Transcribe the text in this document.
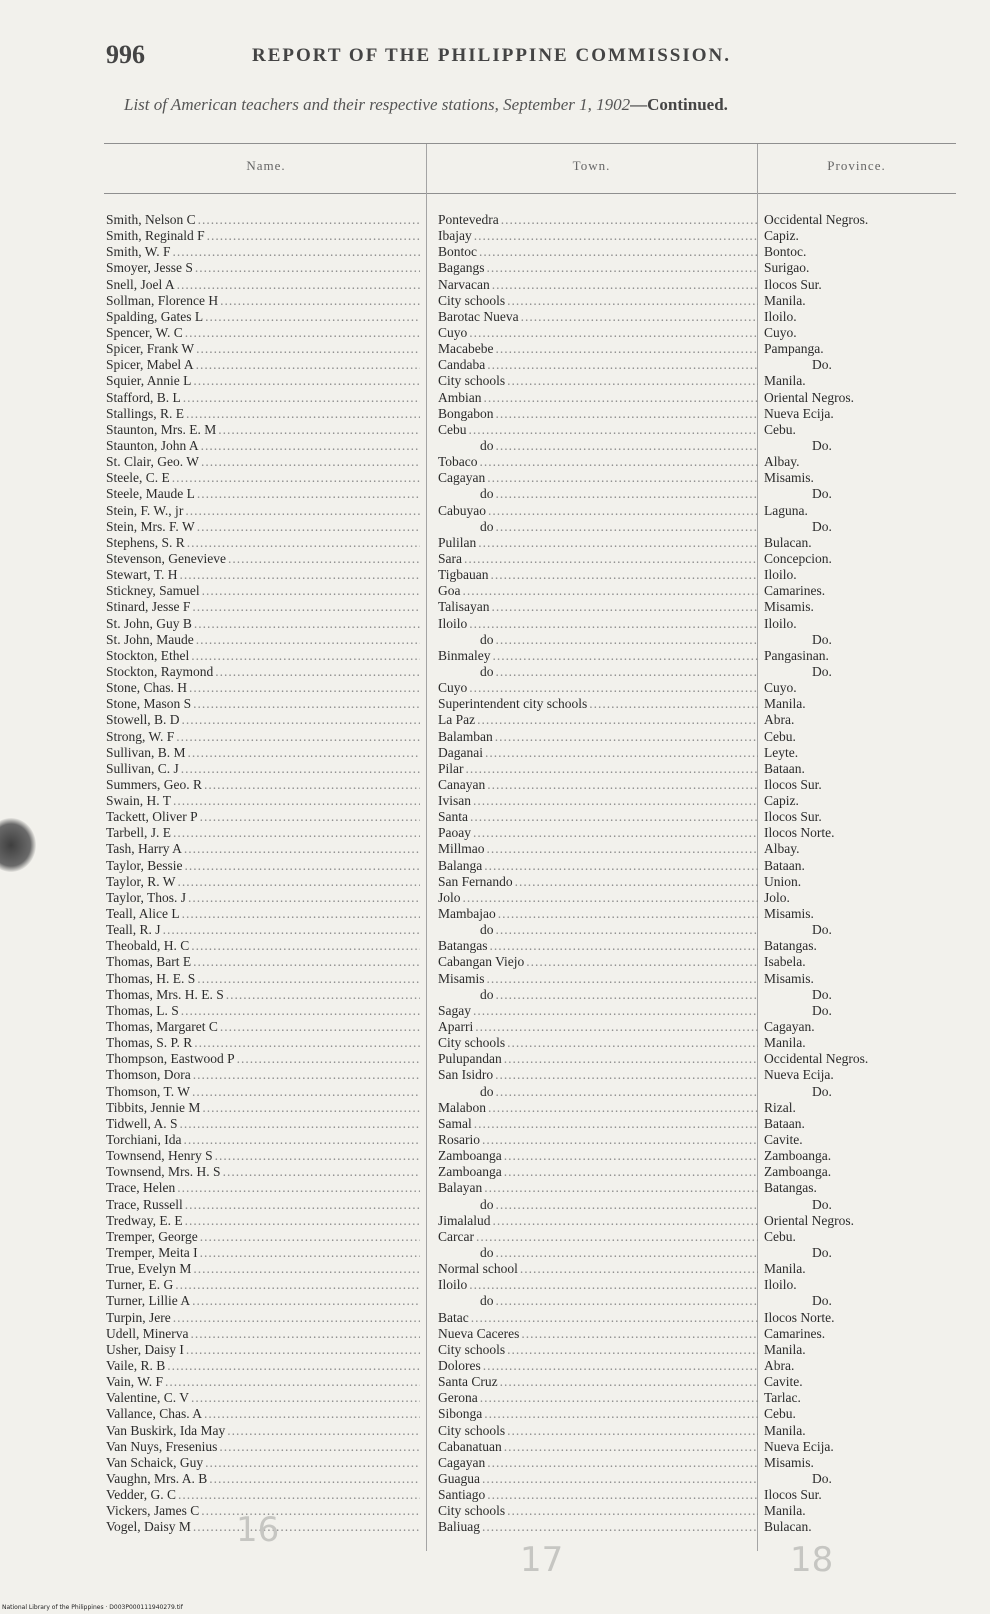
996	REPORT OF THE PHILIPPINE COMMISSION.
List of American teachers and their respective stations, September 1, 1902—Continued.
Name.	Town.	Province.
Smith, Nelson C .....	Pontevedra .....	Occidental Negros.
Smith, Reginald F .....	Ibajay .....	Capiz.
Smith, W. F .....	Bontoc .....	Bontoc.
Smoyer, Jesse S .....	Bagangs .....	Surigao.
Snell, Joel A .....	Narvacan .....	Ilocos Sur.
Sollman, Florence H .....	City schools .....	Manila.
Spalding, Gates L .....	Barotac Nueva .....	Iloilo.
Spencer, W. C .....	Cuyo .....	Cuyo.
Spicer, Frank W .....	Macabebe .....	Pampanga.
Spicer, Mabel A .....	Candaba .....	Do.
Squier, Annie L .....	City schools .....	Manila.
Stafford, B. L .....	Ambian .....	Oriental Negros.
Stallings, R. E .....	Bongabon .....	Nueva Ecija.
Staunton, Mrs. E. M .....	Cebu .....	Cebu.
Staunton, John A .....	do .....	Do.
St. Clair, Geo. W .....	Tobaco .....	Albay.
Steele, C. E .....	Cagayan .....	Misamis.
Steele, Maude L .....	do .....	Do.
Stein, F. W., jr .....	Cabuyao .....	Laguna.
Stein, Mrs. F. W .....	do .....	Do.
Stephens, S. R .....	Pulilan .....	Bulacan.
Stevenson, Genevieve .....	Sara .....	Concepcion.
Stewart, T. H .....	Tigbauan .....	Iloilo.
Stickney, Samuel .....	Goa .....	Camarines.
Stinard, Jesse F .....	Talisayan .....	Misamis.
St. John, Guy B .....	Iloilo .....	Iloilo.
St. John, Maude .....	do .....	Do.
Stockton, Ethel .....	Binmaley .....	Pangasinan.
Stockton, Raymond .....	do .....	Do.
Stone, Chas. H .....	Cuyo .....	Cuyo.
Stone, Mason S .....	Superintendent city schools .....	Manila.
Stowell, B. D .....	La Paz .....	Abra.
Strong, W. F .....	Balamban .....	Cebu.
Sullivan, B. M .....	Daganai .....	Leyte.
Sullivan, C. J .....	Pilar .....	Bataan.
Summers, Geo. R .....	Canayan .....	Ilocos Sur.
Swain, H. T .....	Ivisan .....	Capiz.
Tackett, Oliver P .....	Santa .....	Ilocos Sur.
Tarbell, J. E .....	Paoay .....	Ilocos Norte.
Tash, Harry A .....	Millmao .....	Albay.
Taylor, Bessie .....	Balanga .....	Bataan.
Taylor, R. W .....	San Fernando .....	Union.
Taylor, Thos. J .....	Jolo .....	Jolo.
Teall, Alice L .....	Mambajao .....	Misamis.
Teall, R. J .....	do .....	Do.
Theobald, H. C .....	Batangas .....	Batangas.
Thomas, Bart E .....	Cabangan Viejo .....	Isabela.
Thomas, H. E. S .....	Misamis .....	Misamis.
Thomas, Mrs. H. E. S .....	do .....	Do.
Thomas, L. S .....	Sagay .....	Do.
Thomas, Margaret C .....	Aparri .....	Cagayan.
Thomas, S. P. R .....	City schools .....	Manila.
Thompson, Eastwood P .....	Pulupandan .....	Occidental Negros.
Thomson, Dora .....	San Isidro .....	Nueva Ecija.
Thomson, T. W .....	do .....	Do.
Tibbits, Jennie M .....	Malabon .....	Rizal.
Tidwell, A. S .....	Samal .....	Bataan.
Torchiani, Ida .....	Rosario .....	Cavite.
Townsend, Henry S .....	Zamboanga .....	Zamboanga.
Townsend, Mrs. H. S .....	Zamboanga .....	Zamboanga.
Trace, Helen .....	Balayan .....	Batangas.
Trace, Russell .....	do .....	Do.
Tredway, E. E .....	Jimalalud .....	Oriental Negros.
Tremper, George .....	Carcar .....	Cebu.
Tremper, Meita I .....	do .....	Do.
True, Evelyn M .....	Normal school .....	Manila.
Turner, E. G .....	Iloilo .....	Iloilo.
Turner, Lillie A .....	do .....	Do.
Turpin, Jere .....	Batac .....	Ilocos Norte.
Udell, Minerva .....	Nueva Caceres .....	Camarines.
Usher, Daisy I .....	City schools .....	Manila.
Vaile, R. B .....	Dolores .....	Abra.
Vain, W. F .....	Santa Cruz .....	Cavite.
Valentine, C. V .....	Gerona .....	Tarlac.
Vallance, Chas. A .....	Sibonga .....	Cebu.
Van Buskirk, Ida May .....	City schools .....	Manila.
Van Nuys, Fresenius .....	Cabanatuan .....	Nueva Ecija.
Van Schaick, Guy .....	Cagayan .....	Misamis.
Vaughn, Mrs. A. B .....	Guagua .....	Do.
Vedder, G. C .....	Santiago .....	Ilocos Sur.
Vickers, James C .....	City schools .....	Manila.
Vogel, Daisy M .....	Baliuag .....	Bulacan.
16
17	18
National Library of the Philippines · D003P000111940279.tif
